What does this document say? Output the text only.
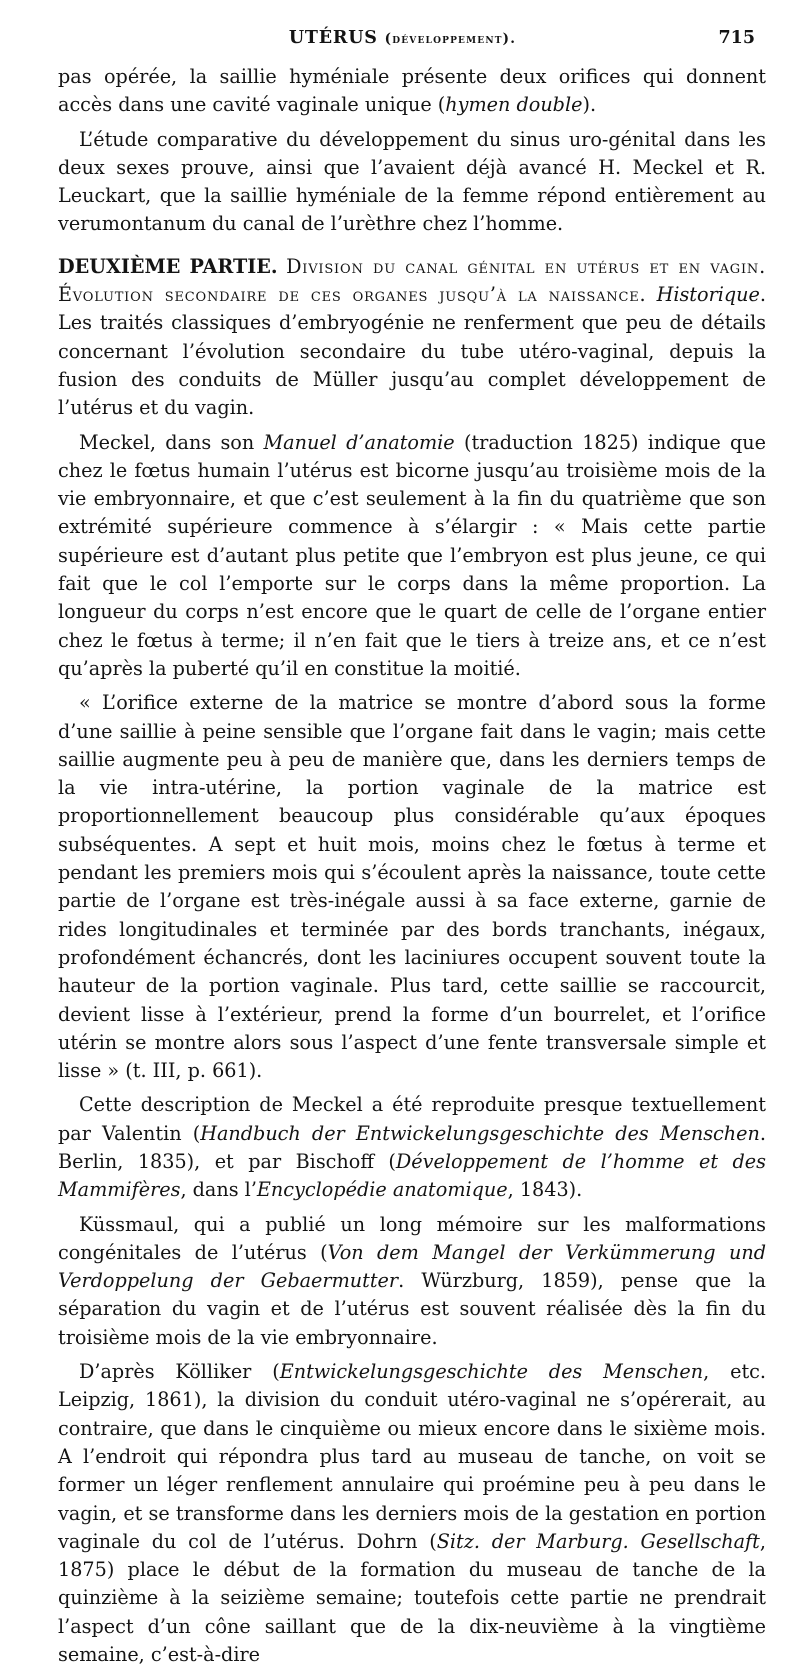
UTÉRUS (développement).	715

pas opérée, la saillie hyméniale présente deux orifices qui donnent accès dans une cavité vaginale unique (hymen double).

L’étude comparative du développement du sinus uro-génital dans les deux sexes prouve, ainsi que l’avaient déjà avancé H. Meckel et R. Leuckart, que la saillie hyméniale de la femme répond entièrement au verumontanum du canal de l’urèthre chez l’homme.

DEUXIÈME PARTIE. Division du canal génital en utérus et en vagin. Évolution secondaire de ces organes jusqu’à la naissance. Historique. Les traités classiques d’embryogénie ne renferment que peu de détails concernant l’évolution secondaire du tube utéro-vaginal, depuis la fusion des conduits de Müller jusqu’au complet développement de l’utérus et du vagin.

Meckel, dans son Manuel d’anatomie (traduction 1825) indique que chez le fœtus humain l’utérus est bicorne jusqu’au troisième mois de la vie embryonnaire, et que c’est seulement à la fin du quatrième que son extrémité supérieure commence à s’élargir : « Mais cette partie supérieure est d’autant plus petite que l’embryon est plus jeune, ce qui fait que le col l’emporte sur le corps dans la même proportion. La longueur du corps n’est encore que le quart de celle de l’organe entier chez le fœtus à terme; il n’en fait que le tiers à treize ans, et ce n’est qu’après la puberté qu’il en constitue la moitié.

« L’orifice externe de la matrice se montre d’abord sous la forme d’une saillie à peine sensible que l’organe fait dans le vagin; mais cette saillie augmente peu à peu de manière que, dans les derniers temps de la vie intra-utérine, la portion vaginale de la matrice est proportionnellement beaucoup plus considérable qu’aux époques subséquentes. A sept et huit mois, moins chez le fœtus à terme et pendant les premiers mois qui s’écoulent après la naissance, toute cette partie de l’organe est très-inégale aussi à sa face externe, garnie de rides longitudinales et terminée par des bords tranchants, inégaux, profondément échancrés, dont les laciniures occupent souvent toute la hauteur de la portion vaginale. Plus tard, cette saillie se raccourcit, devient lisse à l’extérieur, prend la forme d’un bourrelet, et l’orifice utérin se montre alors sous l’aspect d’une fente transversale simple et lisse » (t. III, p. 661).

Cette description de Meckel a été reproduite presque textuellement par Valentin (Handbuch der Entwickelungsgeschichte des Menschen. Berlin, 1835), et par Bischoff (Développement de l’homme et des Mammifères, dans l’Encyclopédie anatomique, 1843).

Küssmaul, qui a publié un long mémoire sur les malformations congénitales de l’utérus (Von dem Mangel der Verkümmerung und Verdoppelung der Gebaermutter. Würzburg, 1859), pense que la séparation du vagin et de l’utérus est souvent réalisée dès la fin du troisième mois de la vie embryonnaire.

D’après Kölliker (Entwickelungsgeschichte des Menschen, etc. Leipzig, 1861), la division du conduit utéro-vaginal ne s’opérerait, au contraire, que dans le cinquième ou mieux encore dans le sixième mois. A l’endroit qui répondra plus tard au museau de tanche, on voit se former un léger renflement annulaire qui proémine peu à peu dans le vagin, et se transforme dans les derniers mois de la gestation en portion vaginale du col de l’utérus. Dohrn (Sitz. der Marburg. Gesellschaft, 1875) place le début de la formation du museau de tanche de la quinzième à la seizième semaine; toutefois cette partie ne prendrait l’aspect d’un cône saillant que de la dix-neuvième à la vingtième semaine, c’est-à-dire
